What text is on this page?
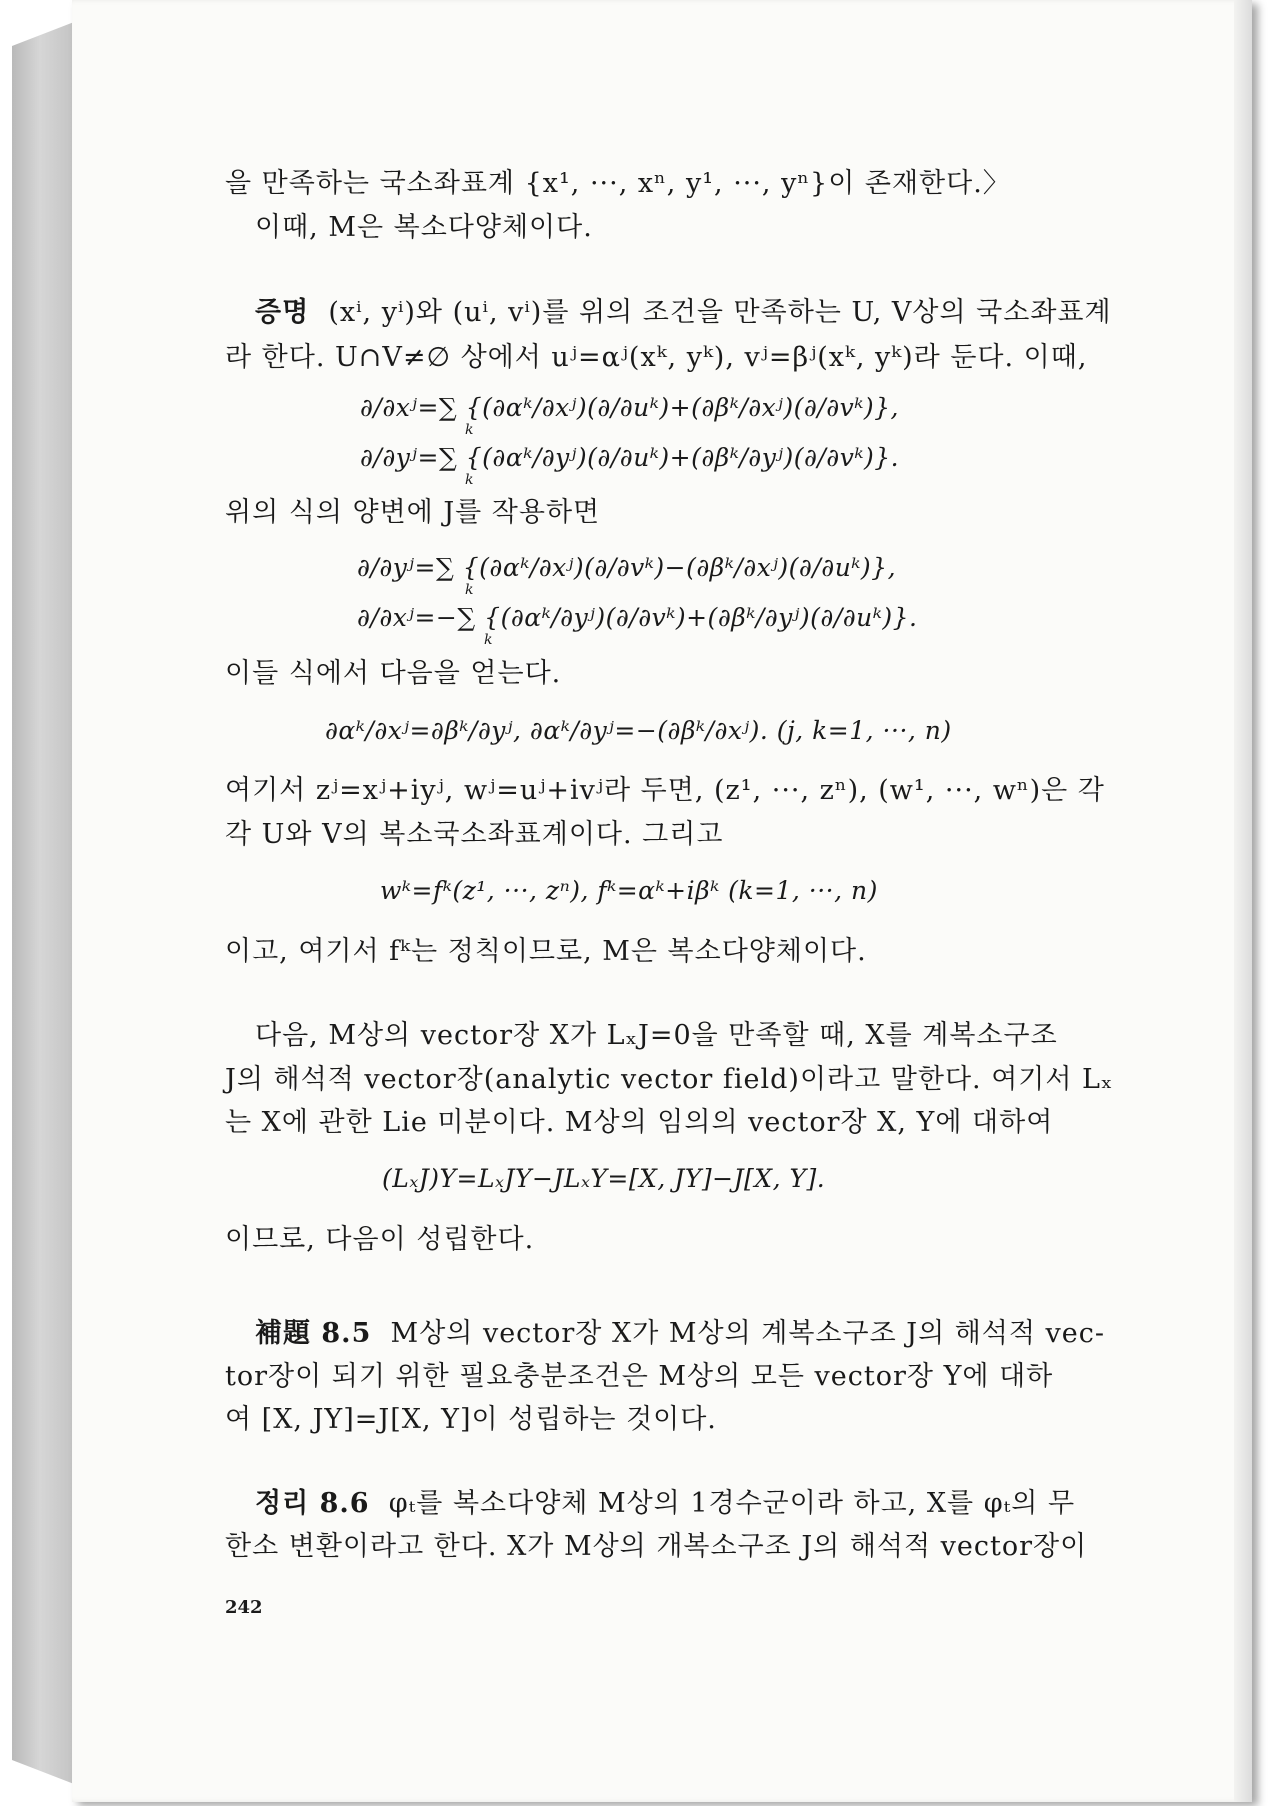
을 만족하는 국소좌표계 {x¹, ···, xⁿ, y¹, ···, yⁿ}이 존재한다.〉
이때, M은 복소다양체이다.
증명 (xⁱ, yⁱ)와 (uⁱ, vⁱ)를 위의 조건을 만족하는 U, V상의 국소좌표계
라 한다. U∩V≠∅ 상에서 uʲ=αʲ(xᵏ, yᵏ), vʲ=βʲ(xᵏ, yᵏ)라 둔다. 이때,
∂/∂xʲ=∑ {(∂αᵏ/∂xʲ)(∂/∂uᵏ)+(∂βᵏ/∂xʲ)(∂/∂vᵏ)},
k
∂/∂yʲ=∑ {(∂αᵏ/∂yʲ)(∂/∂uᵏ)+(∂βᵏ/∂yʲ)(∂/∂vᵏ)}.
k
위의 식의 양변에 J를 작용하면
∂/∂yʲ=∑ {(∂αᵏ/∂xʲ)(∂/∂vᵏ)−(∂βᵏ/∂xʲ)(∂/∂uᵏ)},
k
∂/∂xʲ=−∑ {(∂αᵏ/∂yʲ)(∂/∂vᵏ)+(∂βᵏ/∂yʲ)(∂/∂uᵏ)}.
k
이들 식에서 다음을 얻는다.
∂αᵏ/∂xʲ=∂βᵏ/∂yʲ, ∂αᵏ/∂yʲ=−(∂βᵏ/∂xʲ). (j, k=1, ···, n)
여기서 zʲ=xʲ+iyʲ, wʲ=uʲ+ivʲ라 두면, (z¹, ···, zⁿ), (w¹, ···, wⁿ)은 각
각 U와 V의 복소국소좌표계이다. 그리고
wᵏ=fᵏ(z¹, ···, zⁿ), fᵏ=αᵏ+iβᵏ (k=1, ···, n)
이고, 여기서 fᵏ는 정칙이므로, M은 복소다양체이다.
다음, M상의 vector장 X가 LₓJ=0을 만족할 때, X를 계복소구조
J의 해석적 vector장(analytic vector field)이라고 말한다. 여기서 Lₓ
는 X에 관한 Lie 미분이다. M상의 임의의 vector장 X, Y에 대하여
(LₓJ)Y=LₓJY−JLₓY=[X, JY]−J[X, Y].
이므로, 다음이 성립한다.
補題 8.5 M상의 vector장 X가 M상의 계복소구조 J의 해석적 vec-
tor장이 되기 위한 필요충분조건은 M상의 모든 vector장 Y에 대하
여 [X, JY]=J[X, Y]이 성립하는 것이다.
정리 8.6 φₜ를 복소다양체 M상의 1경수군이라 하고, X를 φₜ의 무
한소 변환이라고 한다. X가 M상의 개복소구조 J의 해석적 vector장이
242
